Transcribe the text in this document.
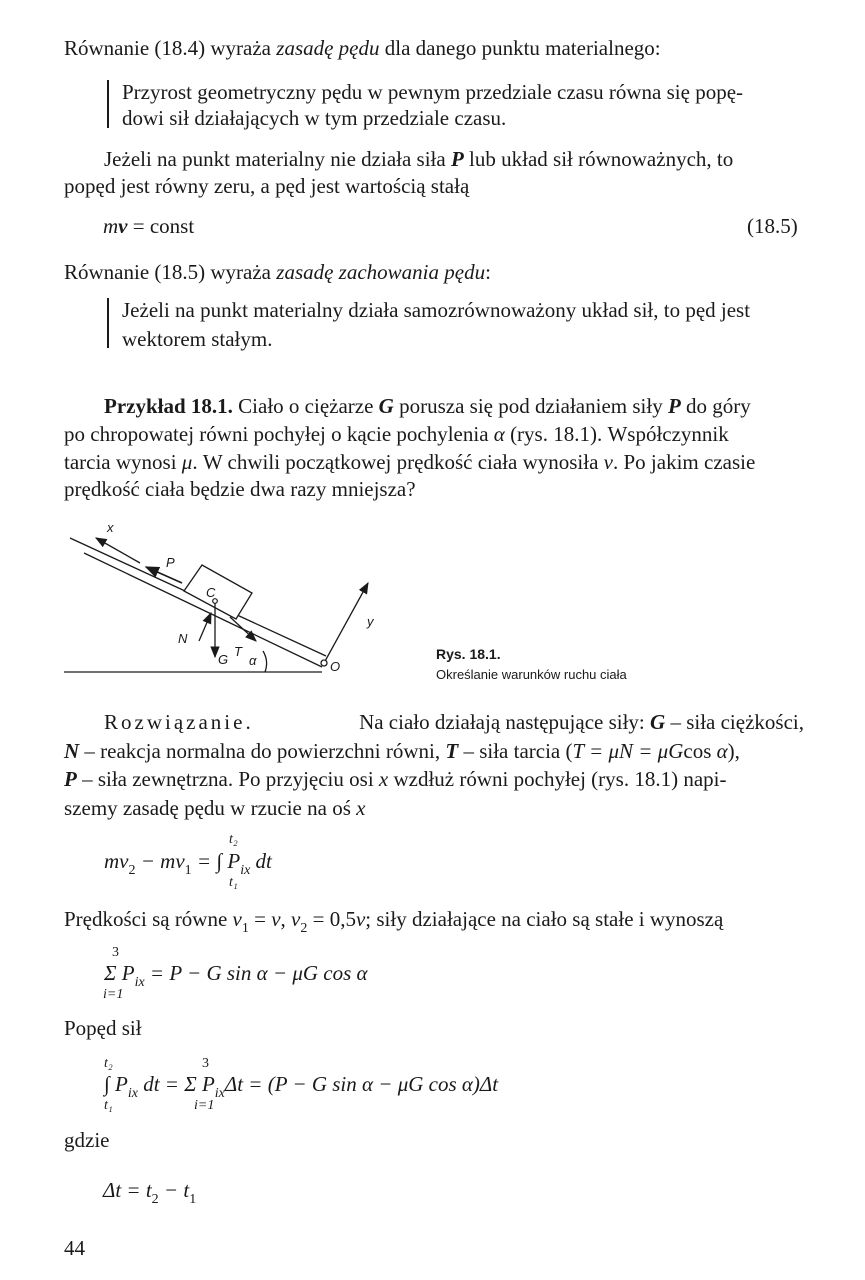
Równanie (18.4) wyraża zasadę pędu dla danego punktu materialnego:
Przyrost geometryczny pędu w pewnym przedziale czasu równa się popę-
dowi sił działających w tym przedziale czasu.
Jeżeli na punkt materialny nie działa siła P lub układ sił równoważnych, to
popęd jest równy zeru, a pęd jest wartością stałą
mv = const	(18.5)
Równanie (18.5) wyraża zasadę zachowania pędu:
Jeżeli na punkt materialny działa samozrównoważony układ sił, to pęd jest
wektorem stałym.
Przykład 18.1. Ciało o ciężarze G porusza się pod działaniem siły P do góry
po chropowatej równi pochyłej o kącie pochylenia α (rys. 18.1). Współczynnik
tarcia wynosi μ. W chwili początkowej prędkość ciała wynosiła v. Po jakim czasie
prędkość ciała będzie dwa razy mniejsza?
x
P
C
y
N
G
T
α	O
Rys. 18.1.
Określanie warunków ruchu ciała
Rozwiązanie.	Na ciało działają następujące siły: G – siła ciężkości,
N – reakcja normalna do powierzchni równi, T – siła tarcia (T = μN = μGcos α),
P – siła zewnętrzna. Po przyjęciu osi x wzdłuż równi pochyłej (rys. 18.1) napi-
szemy zasadę pędu w rzucie na oś x
t₂
$mv_2 - mv_1$ = ∫ $P_{ix}$ dt
t₁
Prędkości są równe $v_1 = v$, $v_2 = 0,5v$; siły działające na ciało są stałe i wynoszą
3
Σ $P_{ix} = P - G$ sin α − μG cos α
i=1
Popęd sił
t₂	3
∫ $P_{ix}$ dt = Σ $P_{ix}\Delta t = (P - G$ sin α − μG cos α)Δt
t₁	i=1
gdzie
$\Delta t = t_2 - t_1$
44
